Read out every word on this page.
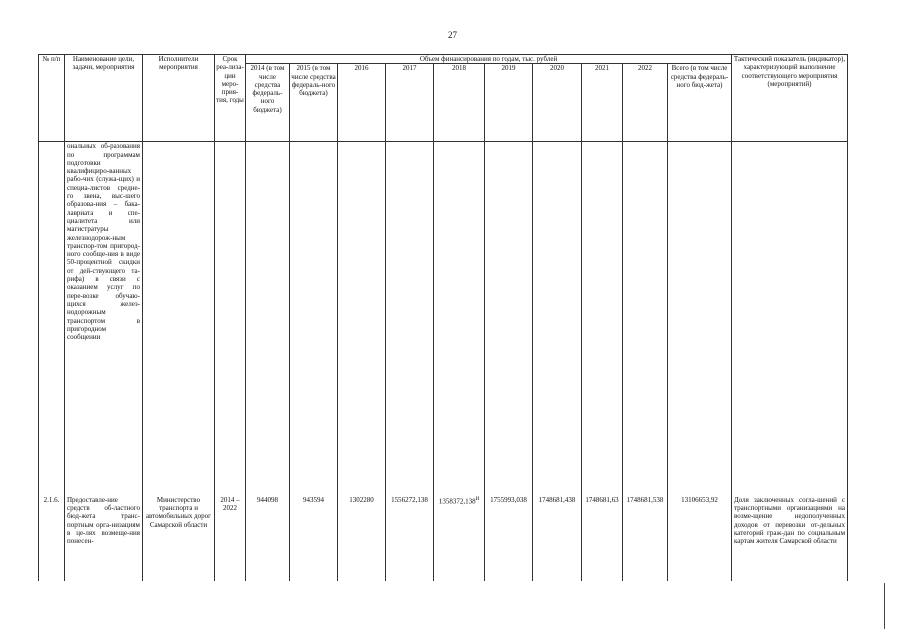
27
№ п/п	Наименование цели, задачи, мероприятия	Исполнители мероприятия	Срок реа-лиза-ции меро-прия-тия, годы	Объем финансирования по годам, тыс. рублей										Тактический показатель (индикатор), характеризующий выполнение соответствующего мероприятия (мероприятий)
				2014 (в том числе средства федераль-ного бюджета)	2015 (в том числе средства федераль-ного бюджета)	2016	2017	2018	2019	2020	2021	2022	Всего (в том числе средства федераль-ного бюд-жета)	
	ональных об-разования по программам подготовки квалифициро-ванных рабо-чих (служа-щих) и специа-листов средне-го звена, выс-шего образова-ния – бака-лавриата и спе-циалитета или магистратуры железнодорож-ным транспор-том пригород-ного сообще-ния в виде 50-процентной скидки от дей-ствующего та-рифа) в связи с оказанием услуг по пере-возке обучаю-щихся желез-нодорожным транспортом в пригородном сообщении													
2.1.6.	Предоставле-ние средств об-ластного бюд-жета транс-портным орга-низациям в це-лях возмеще-ния понесен-	Министерство транспорта и автомобильных дорог Самарской области	2014 – 2022	944098	943594	1302280	1556272,138	$1358372,138^И$	1755993,038	1748681,438	1748681,63	1748681,538	13106653,92	Доля заключенных согла-шений с транспортными организациями на возме-щение недополученных доходов от перевозки от-дельных категорий граж-дан по социальным картам жителя Самарской области
